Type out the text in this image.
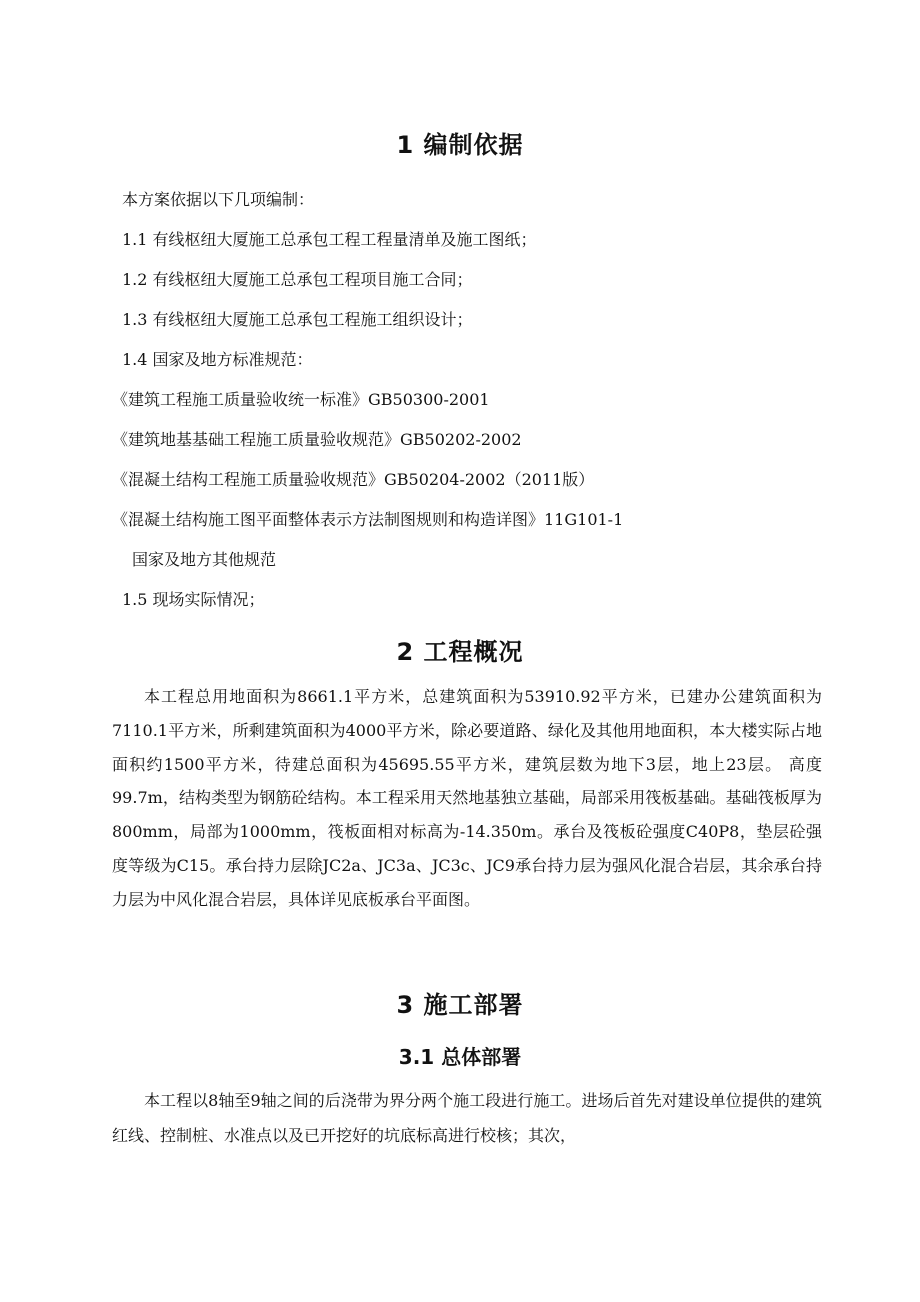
1 编制依据
本方案依据以下几项编制：
1.1 有线枢纽大厦施工总承包工程工程量清单及施工图纸；
1.2 有线枢纽大厦施工总承包工程项目施工合同；
1.3 有线枢纽大厦施工总承包工程施工组织设计；
1.4 国家及地方标准规范：
《建筑工程施工质量验收统一标准》GB50300-2001
《建筑地基基础工程施工质量验收规范》GB50202-2002
《混凝土结构工程施工质量验收规范》GB50204-2002（2011版）
《混凝土结构施工图平面整体表示方法制图规则和构造详图》11G101-1
国家及地方其他规范
1.5 现场实际情况；
2 工程概况

本工程总用地面积为8661.1平方米，总建筑面积为53910.92平方米，已建办公建筑面积为7110.1平方米，所剩建筑面积为4000平方米，除必要道路、绿化及其他用地面积，本大楼实际占地面积约1500平方米，待建总面积为45695.55平方米，建筑层数为地下3层，地上23层。 高度99.7m，结构类型为钢筋砼结构。本工程采用天然地基独立基础，局部采用筏板基础。基础筏板厚为800mm，局部为1000mm，筏板面相对标高为-14.350m。承台及筏板砼强度C40P8，垫层砼强度等级为C15。承台持力层除JC2a、JC3a、JC3c、JC9承台持力层为强风化混合岩层，其余承台持力层为中风化混合岩层，具体详见底板承台平面图。

3 施工部署
3.1 总体部署

本工程以8轴至9轴之间的后浇带为界分两个施工段进行施工。进场后首先对建设单位提供的建筑红线、控制桩、水准点以及已开挖好的坑底标高进行校核；其次，
